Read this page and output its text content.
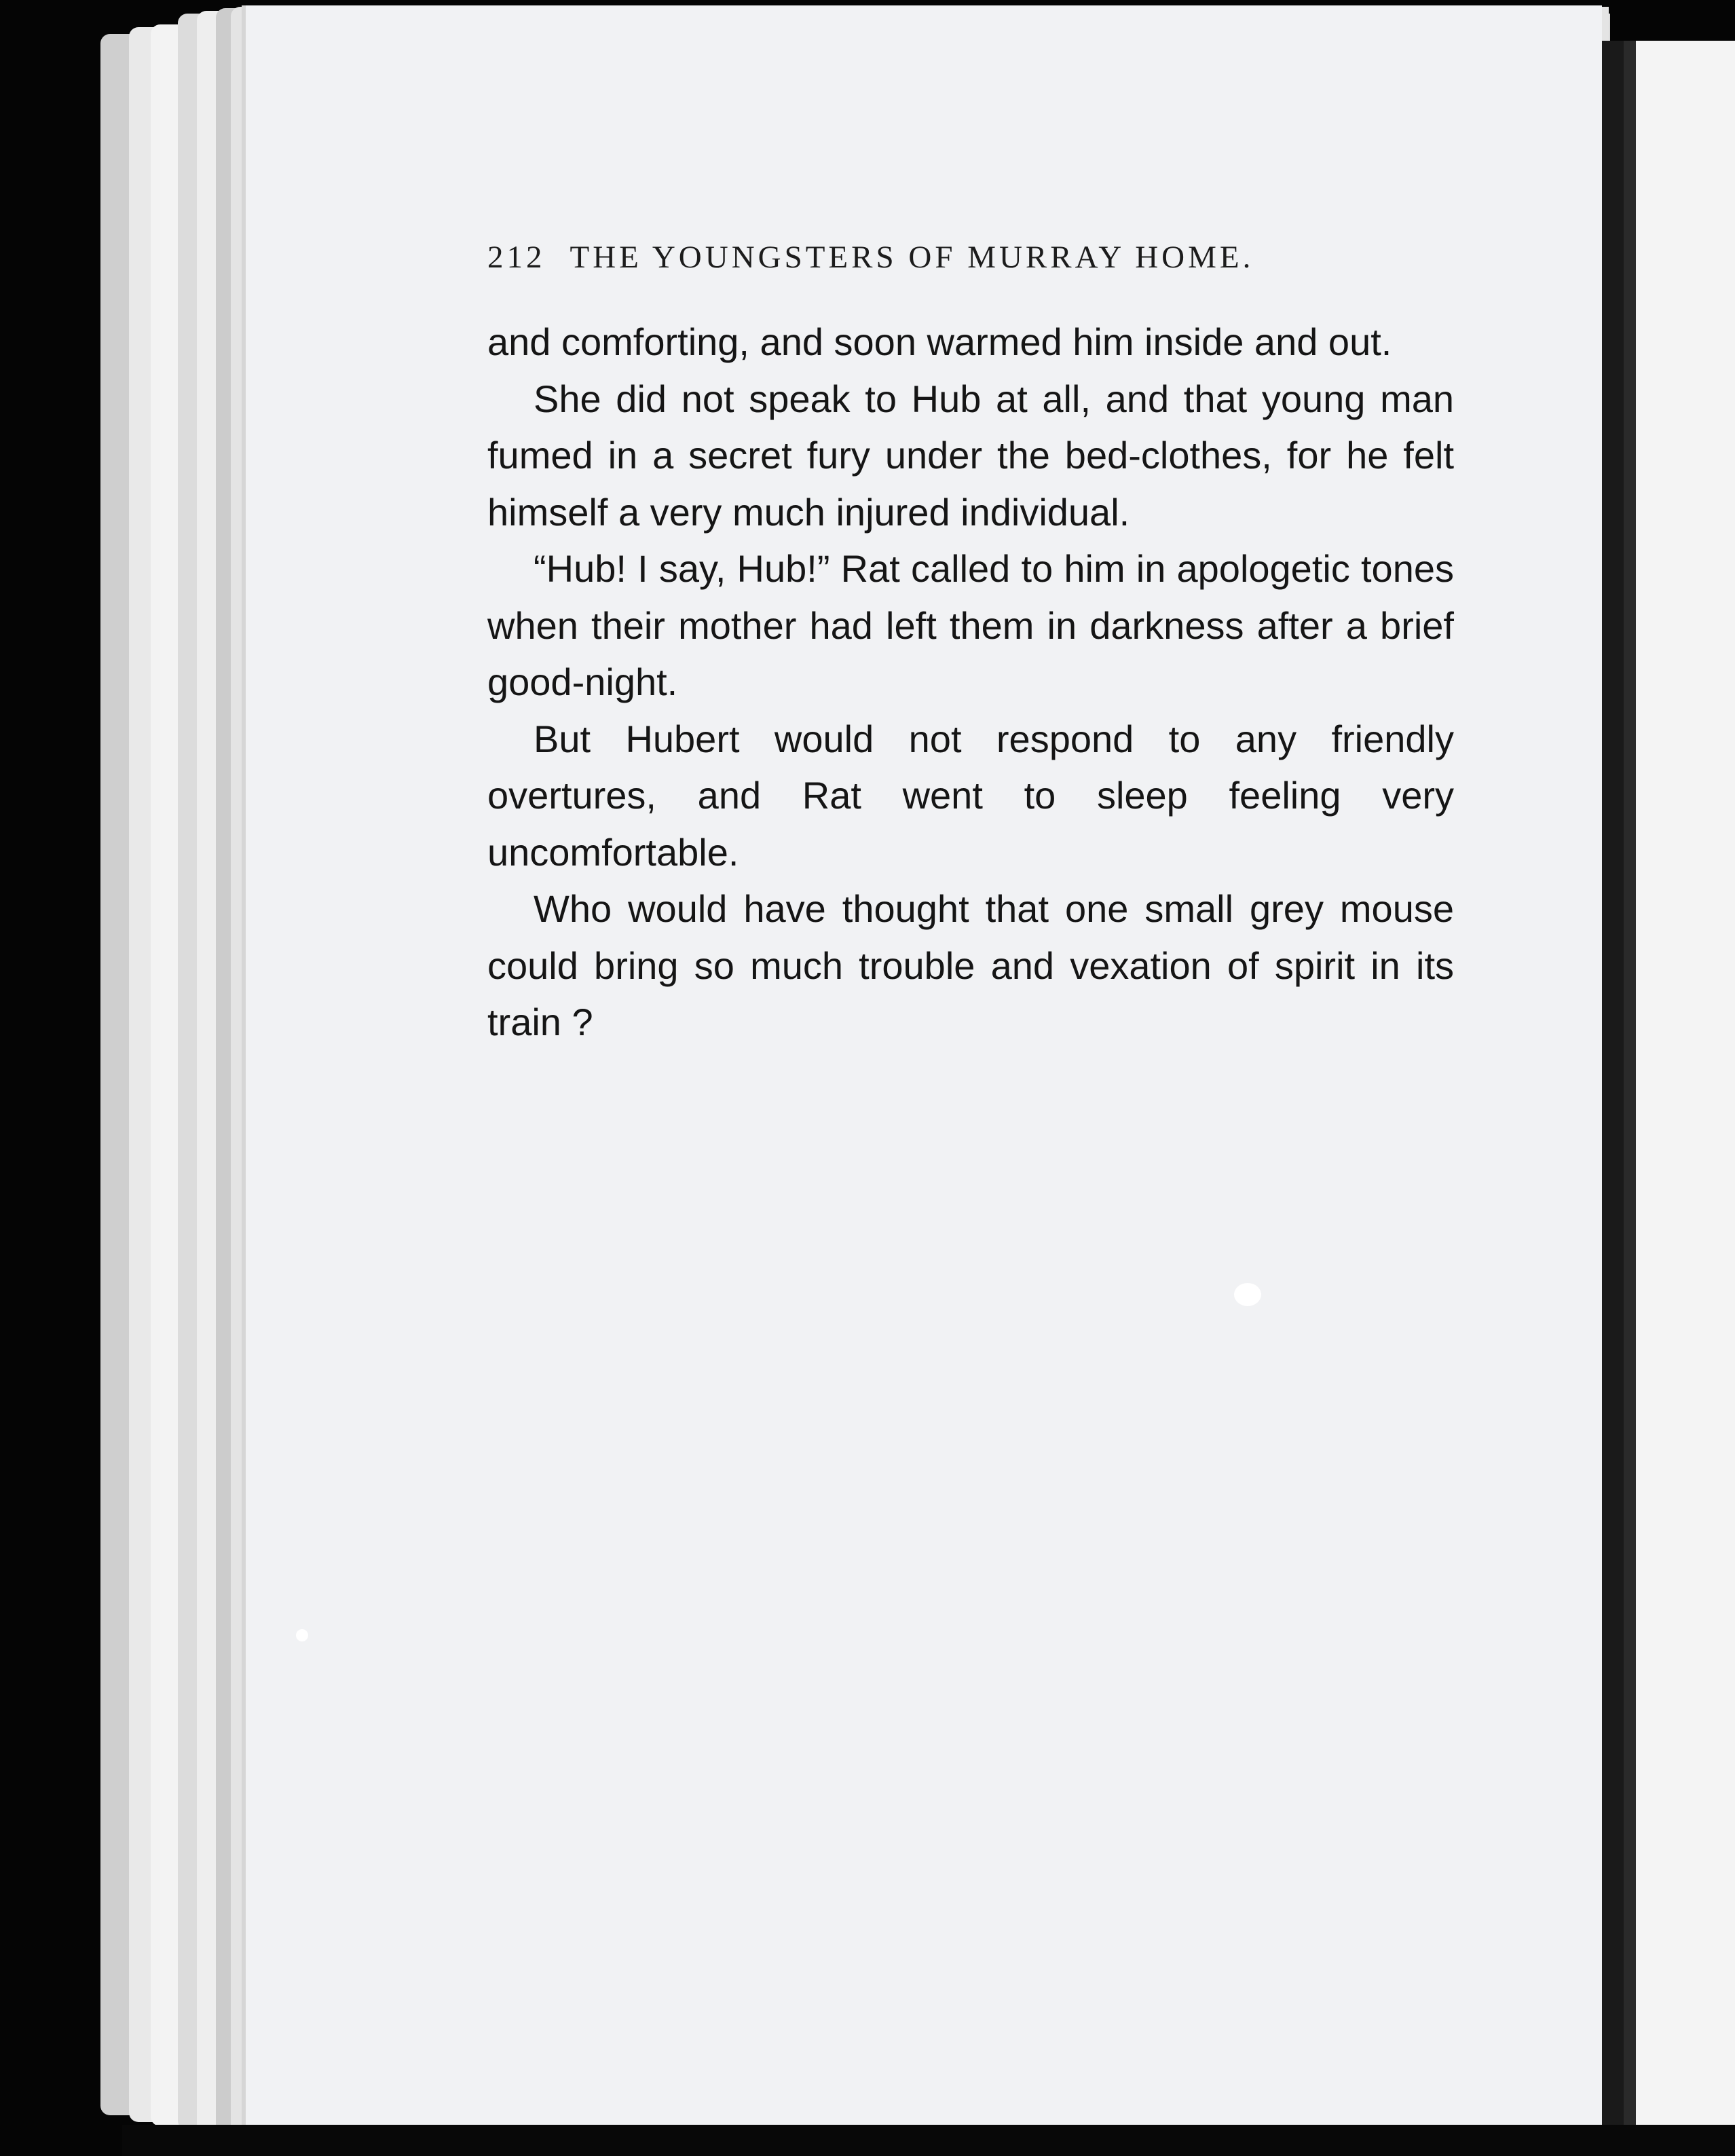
212 THE YOUNGSTERS OF MURRAY HOME.

and comforting, and soon warmed him inside and out.

She did not speak to Hub at all, and that young man fumed in a secret fury under the bed-clothes, for he felt himself a very much injured individual.

“Hub! I say, Hub!” Rat called to him in apologetic tones when their mother had left them in darkness after a brief good-night.

But Hubert would not respond to any friendly overtures, and Rat went to sleep feeling very uncomfortable.

Who would have thought that one small grey mouse could bring so much trouble and vexation of spirit in its train ?
